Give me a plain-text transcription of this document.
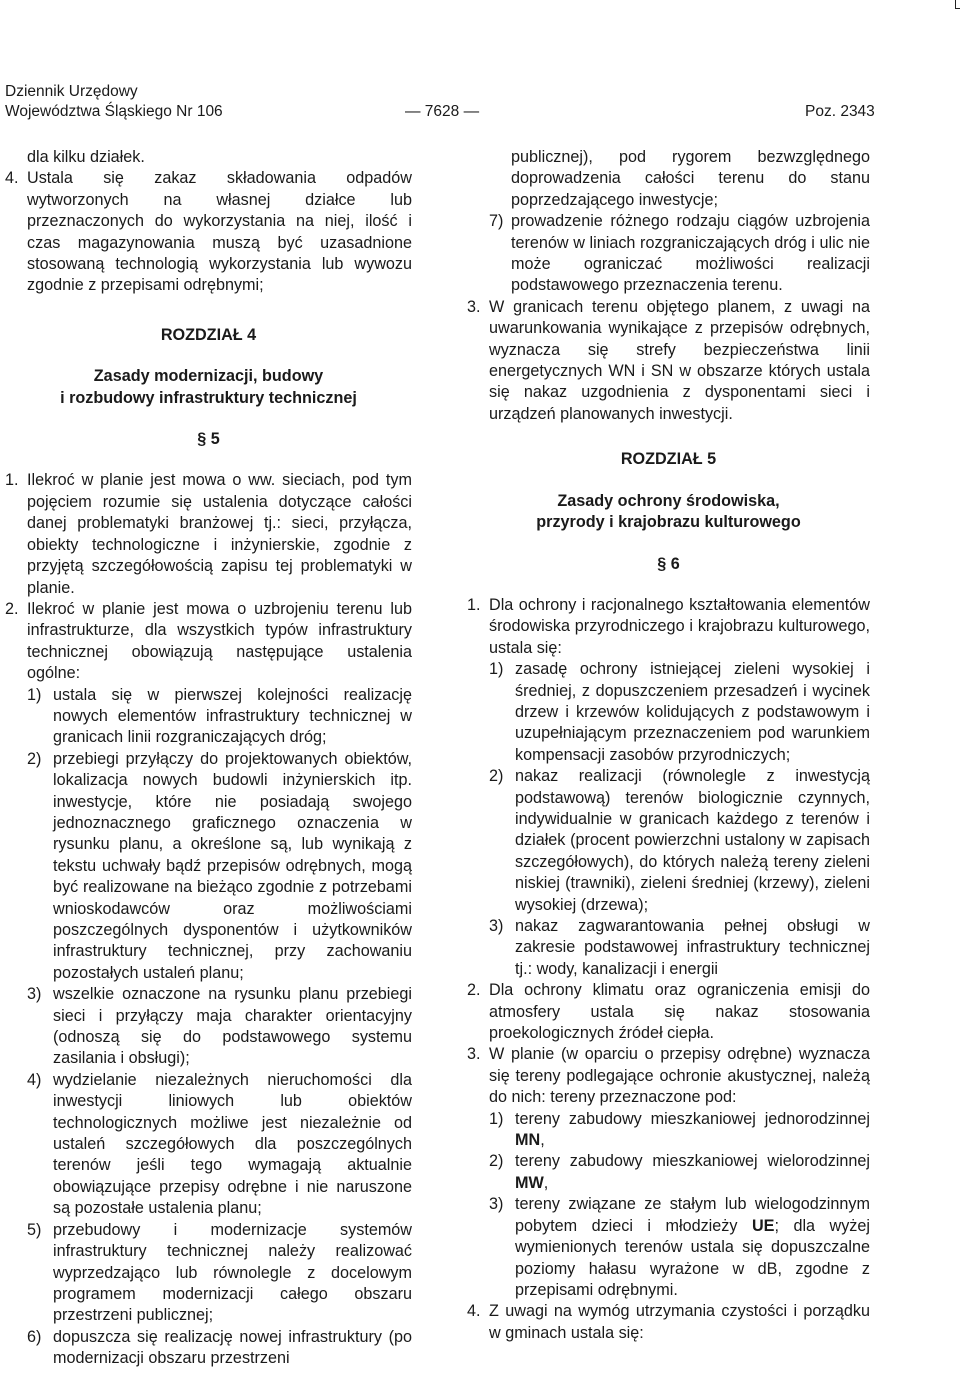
Dziennik Urzędowy
Województwa Śląskiego Nr 106	— 7628 —	Poz. 2343

dla kilku działek.

4. Ustala się zakaz składowania odpadów wytworzonych na własnej działce lub przeznaczonych do wykorzystania na niej, ilość i czas magazynowania muszą być uzasadnione stosowaną technologią wykorzystania lub wywozu zgodnie z przepisami odrębnymi;
ROZDZIAŁ 4
Zasady modernizacji, budowy
i rozbudowy infrastruktury technicznej
§ 5
1. Ilekroć w planie jest mowa o ww. sieciach, pod tym pojęciem rozumie się ustalenia dotyczące całości danej problematyki branżowej tj.: sieci, przyłącza, obiekty technologiczne i inżynierskie, zgodnie z przyjętą szczegółowością zapisu tej problematyki w planie.
2. Ilekroć w planie jest mowa o uzbrojeniu terenu lub infrastrukturze, dla wszystkich typów infrastruktury technicznej obowiązują następujące ustalenia ogólne:
1) ustala się w pierwszej kolejności realizację nowych elementów infrastruktury technicznej w granicach linii rozgraniczających dróg;
2) przebiegi przyłączy do projektowanych obiektów, lokalizacja nowych budowli inżynierskich itp. inwestycje, które nie posiadają swojego jednoznacznego graficznego oznaczenia w rysunku planu, a określone są, lub wynikają z tekstu uchwały bądź przepisów odrębnych, mogą być realizowane na bieżąco zgodnie z potrzebami wnioskodawców oraz możliwościami poszczególnych dysponentów i użytkowników infrastruktury technicznej, przy zachowaniu pozostałych ustaleń planu;
3) wszelkie oznaczone na rysunku planu przebiegi sieci i przyłączy maja charakter orientacyjny (odnoszą się do podstawowego systemu zasilania i obsługi);
4) wydzielanie niezależnych nieruchomości dla inwestycji liniowych lub obiektów technologicznych możliwe jest niezależnie od ustaleń szczegółowych dla poszczególnych terenów jeśli tego wymagają aktualnie obowiązujące przepisy odrębne i nie naruszone są pozostałe ustalenia planu;
5) przebudowy i modernizacje systemów infrastruktury technicznej należy realizować wyprzedzająco lub równolegle z docelowym programem modernizacji całego obszaru przestrzeni publicznej;
6) dopuszcza się realizację nowej infrastruktury (po modernizacji obszaru przestrzeni

publicznej), pod rygorem bezwzględnego doprowadzenia całości terenu do stanu poprzedzającego inwestycje;

7) prowadzenie różnego rodzaju ciągów uzbrojenia terenów w liniach rozgraniczających dróg i ulic nie może ograniczać możliwości realizacji podstawowego przeznaczenia terenu.
3. W granicach terenu objętego planem, z uwagi na uwarunkowania wynikające z przepisów odrębnych, wyznacza się strefy bezpieczeństwa linii energetycznych WN i SN w obszarze których ustala się nakaz uzgodnienia z dysponentami sieci i urządzeń planowanych inwestycji.
ROZDZIAŁ 5
Zasady ochrony środowiska,
przyrody i krajobrazu kulturowego
§ 6
1. Dla ochrony i racjonalnego kształtowania elementów środowiska przyrodniczego i krajobrazu kulturowego, ustala się:
1) zasadę ochrony istniejącej zieleni wysokiej i średniej, z dopuszczeniem przesadzeń i wycinek drzew i krzewów kolidujących z podstawowym i uzupełniającym przeznaczeniem pod warunkiem kompensacji zasobów przyrodniczych;
2) nakaz realizacji (równolegle z inwestycją podstawową) terenów biologicznie czynnych, indywidualnie w granicach każdego z terenów i działek (procent powierzchni ustalony w zapisach szczegółowych), do których należą tereny zieleni niskiej (trawniki), zieleni średniej (krzewy), zieleni wysokiej (drzewa);
3) nakaz zagwarantowania pełnej obsługi w zakresie podstawowej infrastruktury technicznej tj.: wody, kanalizacji i energii
2. Dla ochrony klimatu oraz ograniczenia emisji do atmosfery ustala się nakaz stosowania proekologicznych źródeł ciepła.
3. W planie (w oparciu o przepisy odrębne) wyznacza się tereny podlegające ochronie akustycznej, należą do nich: tereny przeznaczone pod:
1) tereny zabudowy mieszkaniowej jednorodzinnej MN,
2) tereny zabudowy mieszkaniowej wielorodzinnej MW,
3) tereny związane ze stałym lub wielogodzinnym pobytem dzieci i młodzieży UE; dla wyżej wymienionych terenów ustala się dopuszczalne poziomy hałasu wyrażone w dB, zgodne z przepisami odrębnymi.
4. Z uwagi na wymóg utrzymania czystości i porządku w gminach ustala się:
